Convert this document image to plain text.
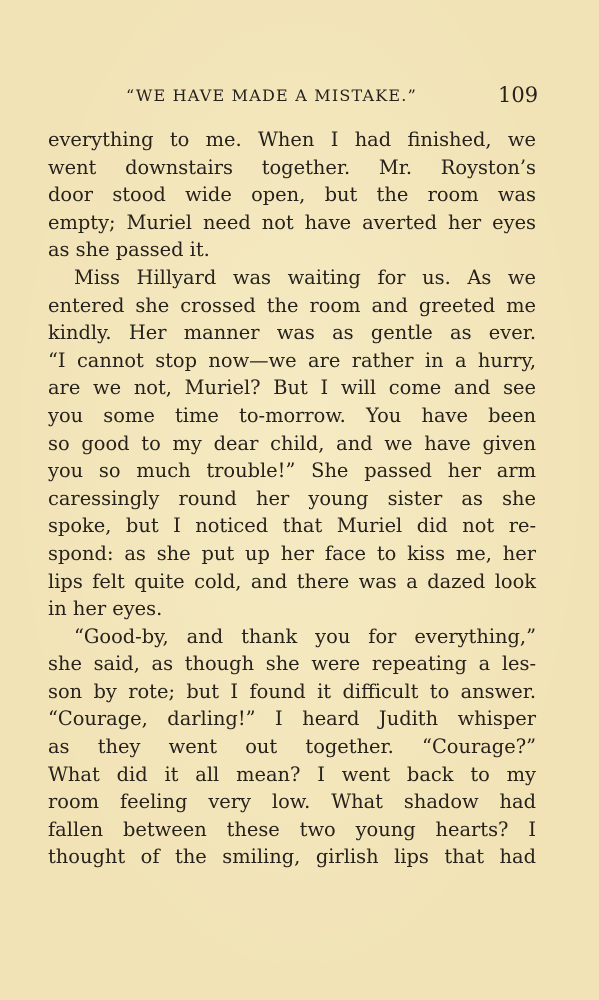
“WE HAVE MADE A MISTAKE.”	109
everything to me. When I had finished, we
went downstairs together. Mr. Royston’s
door stood wide open, but the room was
empty; Muriel need not have averted her eyes
as she passed it.
Miss Hillyard was waiting for us. As we
entered she crossed the room and greeted me
kindly. Her manner was as gentle as ever.
“I cannot stop now—we are rather in a hurry,
are we not, Muriel? But I will come and see
you some time to-morrow. You have been
so good to my dear child, and we have given
you so much trouble!” She passed her arm
caressingly round her young sister as she
spoke, but I noticed that Muriel did not re-
spond: as she put up her face to kiss me, her
lips felt quite cold, and there was a dazed look
in her eyes.
“Good-by, and thank you for everything,”
she said, as though she were repeating a les-
son by rote; but I found it difficult to answer.
“Courage, darling!” I heard Judith whisper
as they went out together. “Courage?”
What did it all mean? I went back to my
room feeling very low. What shadow had
fallen between these two young hearts? I
thought of the smiling, girlish lips that had
